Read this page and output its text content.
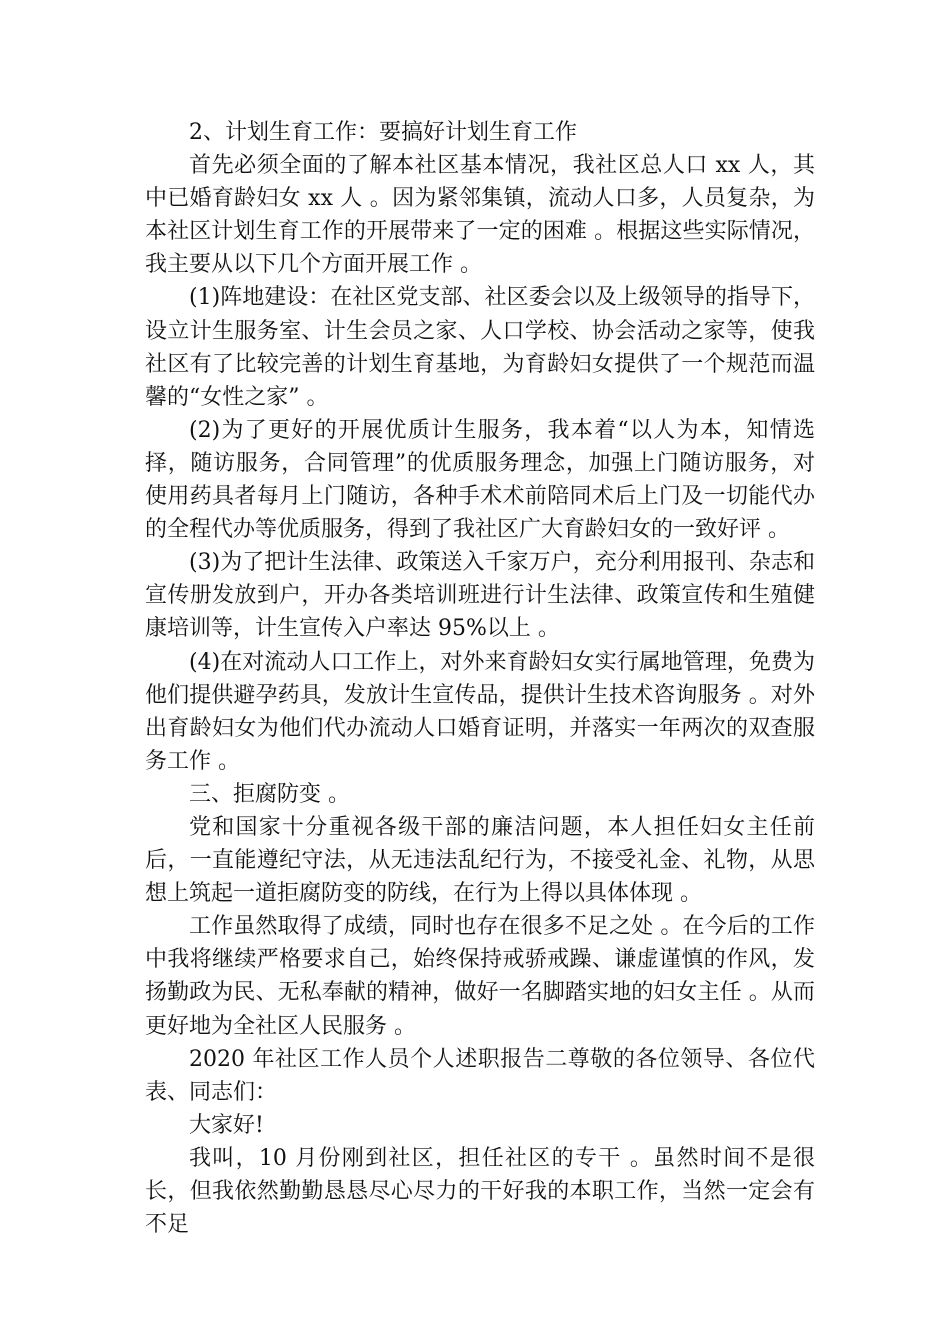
2、计划生育工作：要搞好计划生育工作

首先必须全面的了解本社区基本情况，我社区总人口 xx 人，其中已婚育龄妇女 xx 人 。因为紧邻集镇，流动人口多，人员复杂，为本社区计划生育工作的开展带来了一定的困难 。根据这些实际情况，我主要从以下几个方面开展工作 。

(1)阵地建设：在社区党支部、社区委会以及上级领导的指导下，设立计生服务室、计生会员之家、人口学校、协会活动之家等，使我社区有了比较完善的计划生育基地，为育龄妇女提供了一个规范而温馨的“女性之家” 。

(2)为了更好的开展优质计生服务，我本着“以人为本，知情选择，随访服务，合同管理”的优质服务理念，加强上门随访服务，对使用药具者每月上门随访，各种手术术前陪同术后上门及一切能代办的全程代办等优质服务，得到了我社区广大育龄妇女的一致好评 。

(3)为了把计生法律、政策送入千家万户，充分利用报刊、杂志和宣传册发放到户，开办各类培训班进行计生法律、政策宣传和生殖健康培训等，计生宣传入户率达 95%以上 。

(4)在对流动人口工作上，对外来育龄妇女实行属地管理，免费为他们提供避孕药具，发放计生宣传品，提供计生技术咨询服务 。对外出育龄妇女为他们代办流动人口婚育证明，并落实一年两次的双查服务工作 。

三、拒腐防变 。

党和国家十分重视各级干部的廉洁问题，本人担任妇女主任前后，一直能遵纪守法，从无违法乱纪行为，不接受礼金、礼物，从思想上筑起一道拒腐防变的防线，在行为上得以具体体现 。

工作虽然取得了成绩，同时也存在很多不足之处 。在今后的工作中我将继续严格要求自己，始终保持戒骄戒躁、谦虚谨慎的作风，发扬勤政为民、无私奉献的精神，做好一名脚踏实地的妇女主任 。从而更好地为全社区人民服务 。

2020 年社区工作人员个人述职报告二尊敬的各位领导、各位代表、同志们：

大家好!

我叫，10 月份刚到社区，担任社区的专干 。虽然时间不是很长，但我依然勤勤恳恳尽心尽力的干好我的本职工作，当然一定会有不足
